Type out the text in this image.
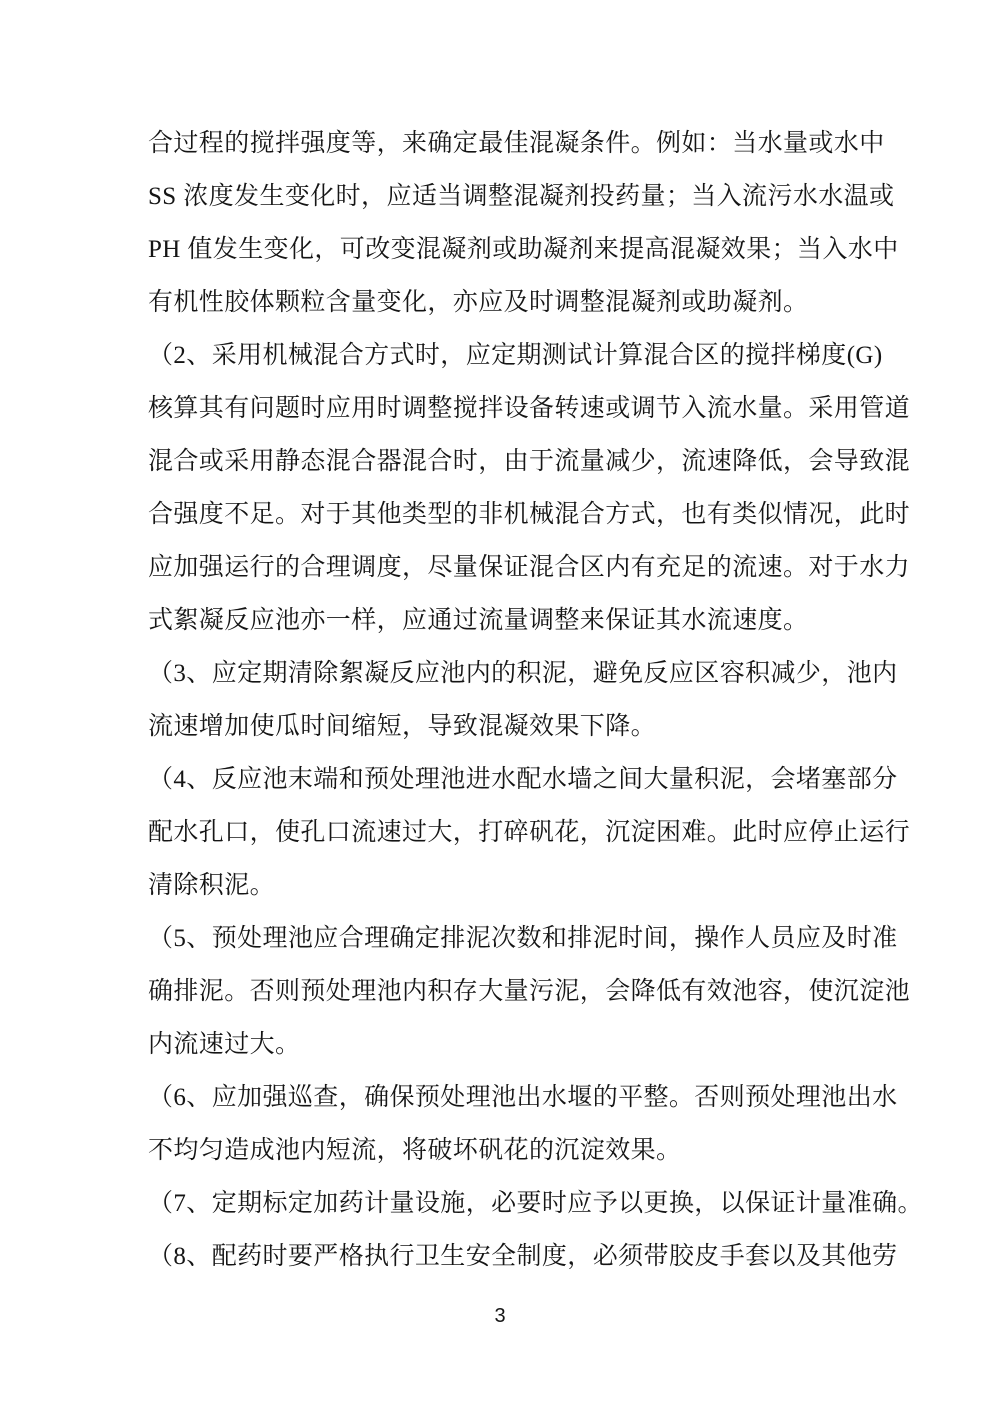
合过程的搅拌强度等，来确定最佳混凝条件。例如：当水量或水中
SS 浓度发生变化时，应适当调整混凝剂投药量；当入流污水水温或
PH 值发生变化，可改变混凝剂或助凝剂来提高混凝效果；当入水中
有机性胶体颗粒含量变化，亦应及时调整混凝剂或助凝剂。
（2、采用机械混合方式时，应定期测试计算混合区的搅拌梯度(G)
核算其有问题时应用时调整搅拌设备转速或调节入流水量。采用管道
混合或采用静态混合器混合时，由于流量减少，流速降低，会导致混
合强度不足。对于其他类型的非机械混合方式，也有类似情况，此时
应加强运行的合理调度，尽量保证混合区内有充足的流速。对于水力
式絮凝反应池亦一样，应通过流量调整来保证其水流速度。
（3、应定期清除絮凝反应池内的积泥，避免反应区容积减少，池内
流速增加使瓜时间缩短，导致混凝效果下降。
（4、反应池末端和预处理池进水配水墙之间大量积泥，会堵塞部分
配水孔口，使孔口流速过大，打碎矾花，沉淀困难。此时应停止运行
清除积泥。
（5、预处理池应合理确定排泥次数和排泥时间，操作人员应及时准
确排泥。否则预处理池内积存大量污泥，会降低有效池容，使沉淀池
内流速过大。
（6、应加强巡查，确保预处理池出水堰的平整。否则预处理池出水
不均匀造成池内短流，将破坏矾花的沉淀效果。
（7、定期标定加药计量设施，必要时应予以更换，以保证计量准确。
（8、配药时要严格执行卫生安全制度，必须带胶皮手套以及其他劳
3
